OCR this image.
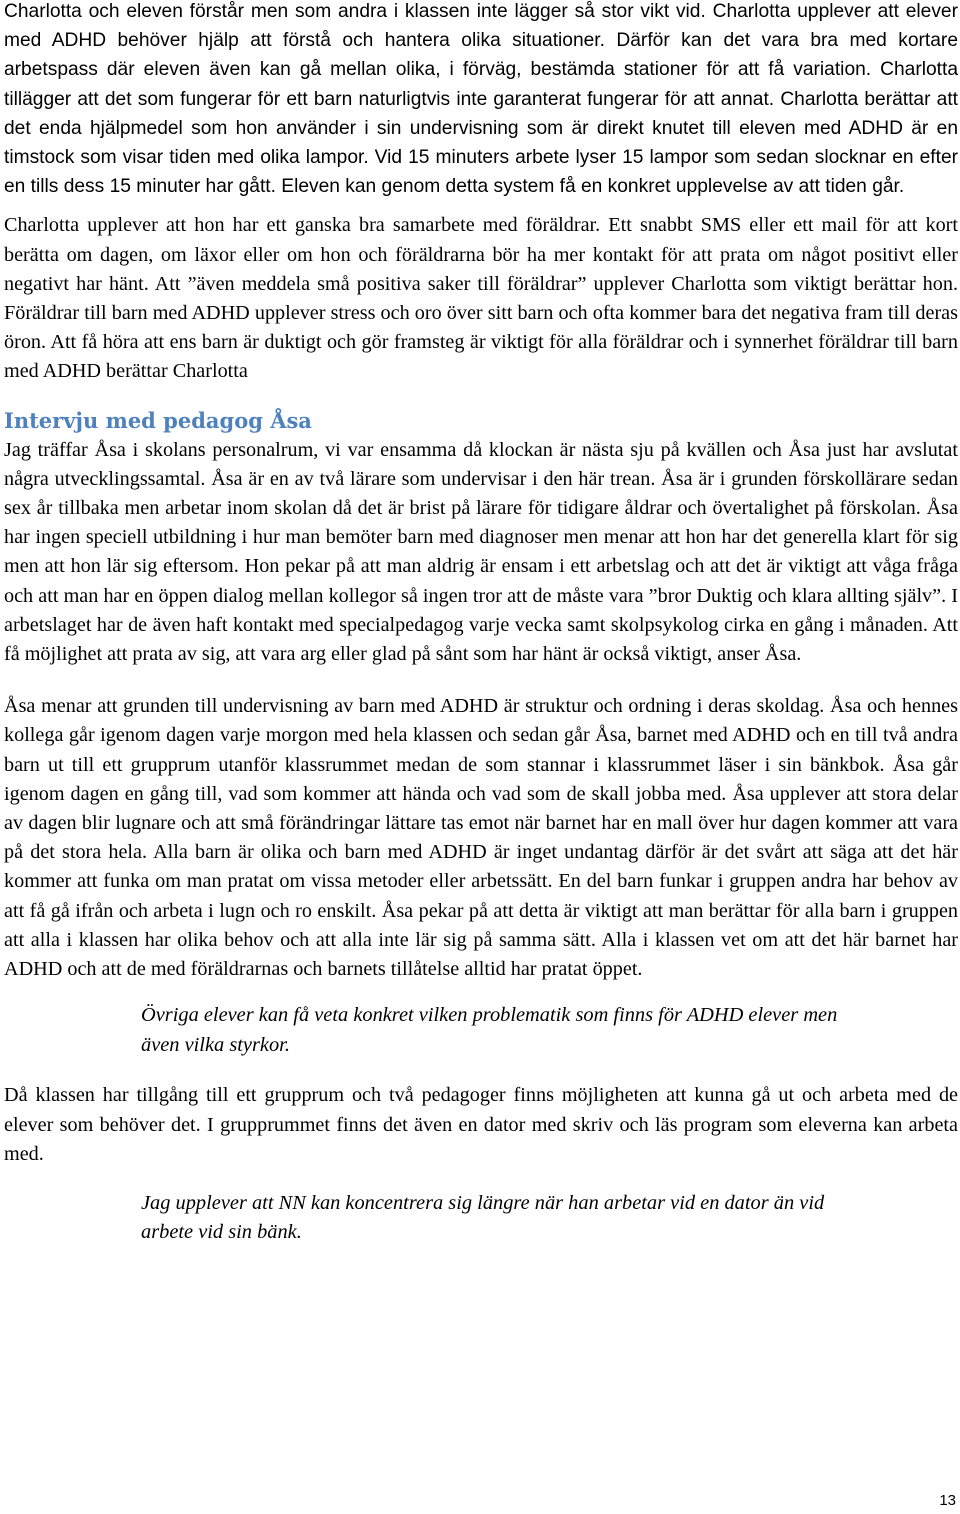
Charlotta och eleven förstår men som andra i klassen inte lägger så stor vikt vid. Charlotta upplever att elever med ADHD behöver hjälp att förstå och hantera olika situationer. Därför kan det vara bra med kortare arbetspass där eleven även kan gå mellan olika, i förväg, bestämda stationer för att få variation. Charlotta tillägger att det som fungerar för ett barn naturligtvis inte garanterat fungerar för att annat. Charlotta berättar att det enda hjälpmedel som hon använder i sin undervisning som är direkt knutet till eleven med ADHD är en timstock som visar tiden med olika lampor. Vid 15 minuters arbete lyser 15 lampor som sedan slocknar en efter en tills dess 15 minuter har gått. Eleven kan genom detta system få en konkret upplevelse av att tiden går.

Charlotta upplever att hon har ett ganska bra samarbete med föräldrar. Ett snabbt SMS eller ett mail för att kort berätta om dagen, om läxor eller om hon och föräldrarna bör ha mer kontakt för att prata om något positivt eller negativt har hänt. Att ”även meddela små positiva saker till föräldrar” upplever Charlotta som viktigt berättar hon. Föräldrar till barn med ADHD upplever stress och oro över sitt barn och ofta kommer bara det negativa fram till deras öron. Att få höra att ens barn är duktigt och gör framsteg är viktigt för alla föräldrar och i synnerhet föräldrar till barn med ADHD berättar Charlotta

Intervju med pedagog Åsa

Jag träffar Åsa i skolans personalrum, vi var ensamma då klockan är nästa sju på kvällen och Åsa just har avslutat några utvecklingssamtal. Åsa är en av två lärare som undervisar i den här trean. Åsa är i grunden förskollärare sedan sex år tillbaka men arbetar inom skolan då det är brist på lärare för tidigare åldrar och övertalighet på förskolan. Åsa har ingen speciell utbildning i hur man bemöter barn med diagnoser men menar att hon har det generella klart för sig men att hon lär sig eftersom. Hon pekar på att man aldrig är ensam i ett arbetslag och att det är viktigt att våga fråga och att man har en öppen dialog mellan kollegor så ingen tror att de måste vara ”bror Duktig och klara allting själv”. I arbetslaget har de även haft kontakt med specialpedagog varje vecka samt skolpsykolog cirka en gång i månaden. Att få möjlighet att prata av sig, att vara arg eller glad på sånt som har hänt är också viktigt, anser Åsa.

Åsa menar att grunden till undervisning av barn med ADHD är struktur och ordning i deras skoldag. Åsa och hennes kollega går igenom dagen varje morgon med hela klassen och sedan går Åsa, barnet med ADHD och en till två andra barn ut till ett grupprum utanför klassrummet medan de som stannar i klassrummet läser i sin bänkbok. Åsa går igenom dagen en gång till, vad som kommer att hända och vad som de skall jobba med. Åsa upplever att stora delar av dagen blir lugnare och att små förändringar lättare tas emot när barnet har en mall över hur dagen kommer att vara på det stora hela. Alla barn är olika och barn med ADHD är inget undantag därför är det svårt att säga att det här kommer att funka om man pratat om vissa metoder eller arbetssätt. En del barn funkar i gruppen andra har behov av att få gå ifrån och arbeta i lugn och ro enskilt. Åsa pekar på att detta är viktigt att man berättar för alla barn i gruppen att alla i klassen har olika behov och att alla inte lär sig på samma sätt. Alla i klassen vet om att det här barnet har ADHD och att de med föräldrarnas och barnets tillåtelse alltid har pratat öppet.

Övriga elever kan få veta konkret vilken problematik som finns för ADHD elever men även vilka styrkor.

Då klassen har tillgång till ett grupprum och två pedagoger finns möjligheten att kunna gå ut och arbeta med de elever som behöver det. I grupprummet finns det även en dator med skriv och läs program som eleverna kan arbeta med.

Jag upplever att NN kan koncentrera sig längre när han arbetar vid en dator än vid arbete vid sin bänk.

13
